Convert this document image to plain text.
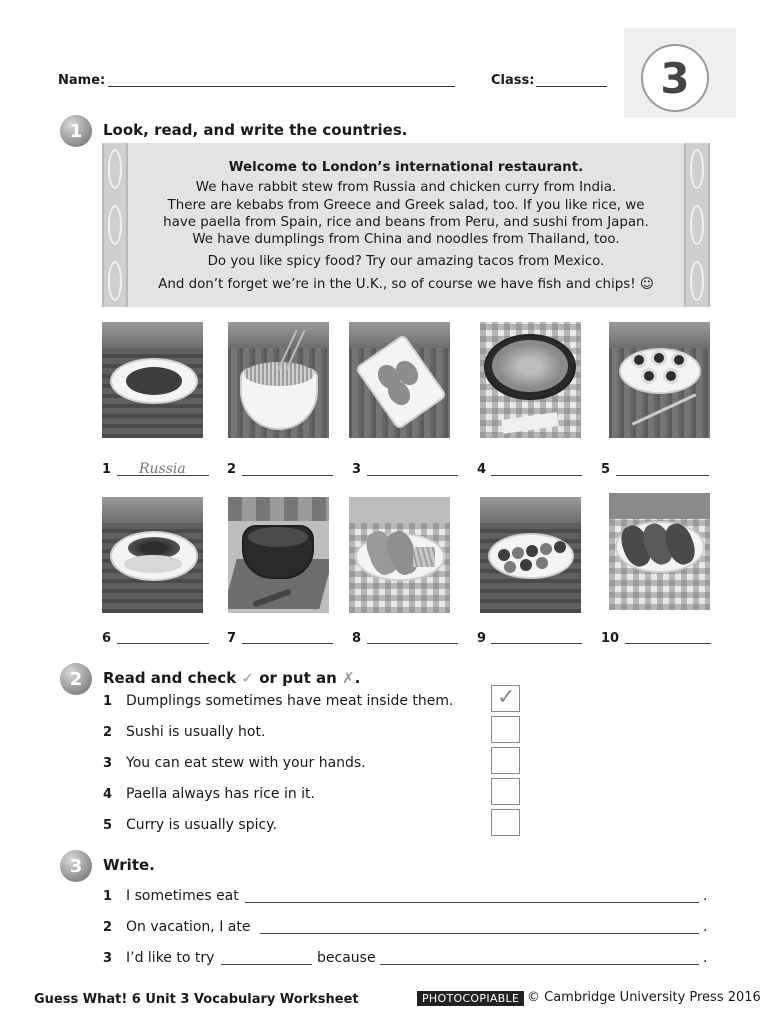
Name:	Class:	3
1	Look, read, and write the countries.
Welcome to London’s international restaurant.
We have rabbit stew from Russia and chicken curry from India.
There are kebabs from Greece and Greek salad, too. If you like rice, we
have paella from Spain, rice and beans from Peru, and sushi from Japan.
We have dumplings from China and noodles from Thailand, too.
Do you like spicy food? Try our amazing tacos from Mexico.
And don’t forget we’re in the U.K., so of course we have fish and chips! ☺
1 Russia	2	3	4	5
6	7	8	9	10
2	Read and check ✓ or put an ✗.
1 Dumplings sometimes have meat inside them. ✓
2 Sushi is usually hot.
3 You can eat stew with your hands.
4 Paella always has rice in it.
5 Curry is usually spicy.
3	Write.
1 I sometimes eat	.
2 On vacation, I ate	.
3 I’d like to try	because	.
Guess What! 6 Unit 3 Vocabulary Worksheet	PHOTOCOPIABLE © Cambridge University Press 2016
